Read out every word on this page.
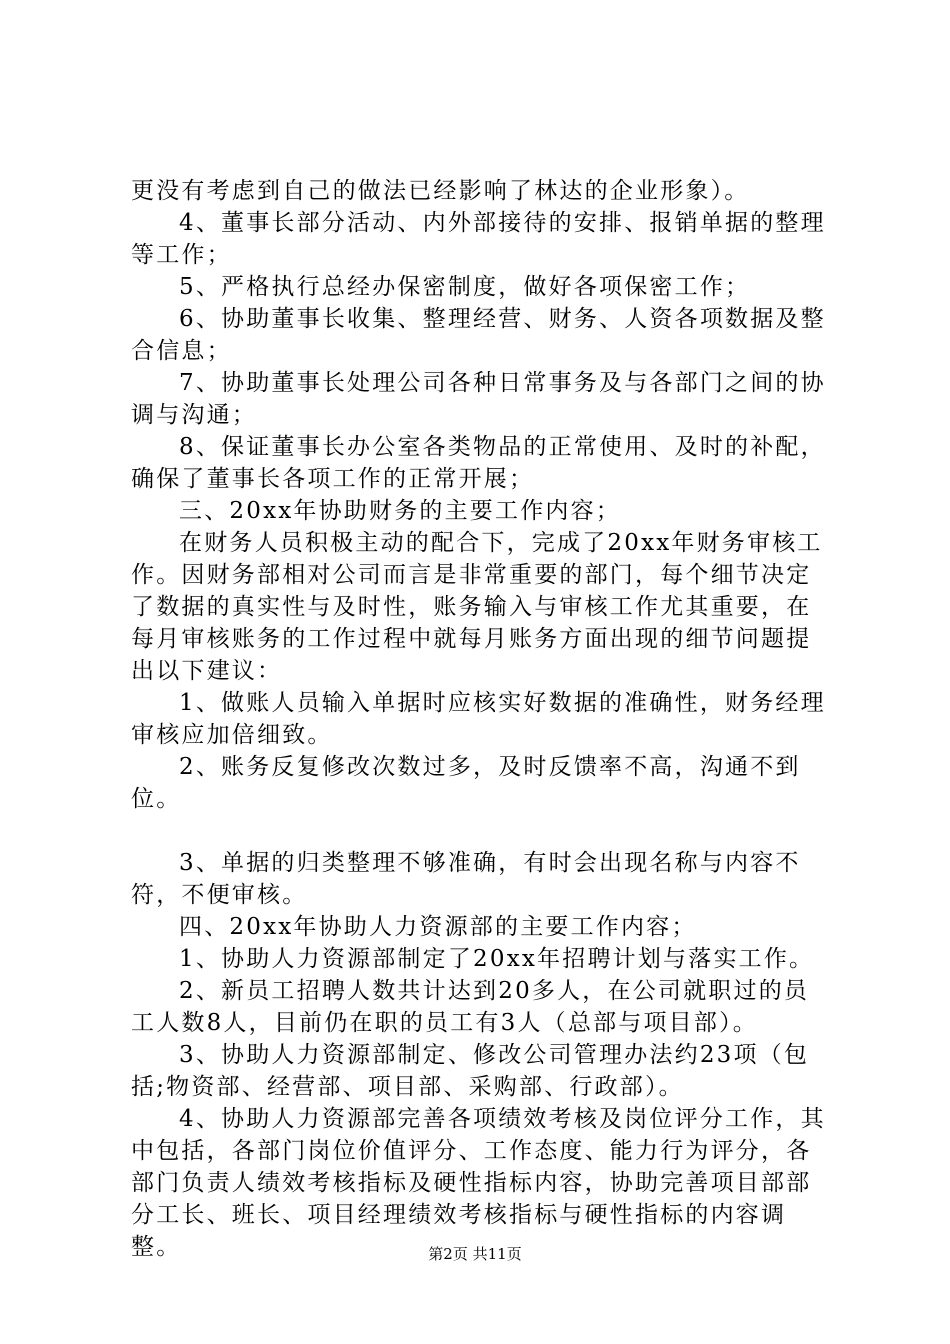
更没有考虑到自己的做法已经影响了林达的企业形象）。

4、董事长部分活动、内外部接待的安排、报销单据的整理等工作；

5、严格执行总经办保密制度，做好各项保密工作；

6、协助董事长收集、整理经营、财务、人资各项数据及整合信息；

7、协助董事长处理公司各种日常事务及与各部门之间的协调与沟通；

8、保证董事长办公室各类物品的正常使用、及时的补配，确保了董事长各项工作的正常开展；

三、20xx年协助财务的主要工作内容；

在财务人员积极主动的配合下，完成了20xx年财务审核工作。因财务部相对公司而言是非常重要的部门，每个细节决定了数据的真实性与及时性，账务输入与审核工作尤其重要，在每月审核账务的工作过程中就每月账务方面出现的细节问题提出以下建议：

1、做账人员输入单据时应核实好数据的准确性，财务经理审核应加倍细致。

2、账务反复修改次数过多，及时反馈率不高，沟通不到位。

3、单据的归类整理不够准确，有时会出现名称与内容不符，不便审核。

四、20xx年协助人力资源部的主要工作内容；

1、协助人力资源部制定了20xx年招聘计划与落实工作。

2、新员工招聘人数共计达到20多人，在公司就职过的员工人数8人，目前仍在职的员工有3人（总部与项目部）。

3、协助人力资源部制定、修改公司管理办法约23项（包括;物资部、经营部、项目部、采购部、行政部）。

4、协助人力资源部完善各项绩效考核及岗位评分工作，其中包括，各部门岗位价值评分、工作态度、能力行为评分，各部门负责人绩效考核指标及硬性指标内容，协助完善项目部部分工长、班长、项目经理绩效考核指标与硬性指标的内容调整。	第2页 共11页
